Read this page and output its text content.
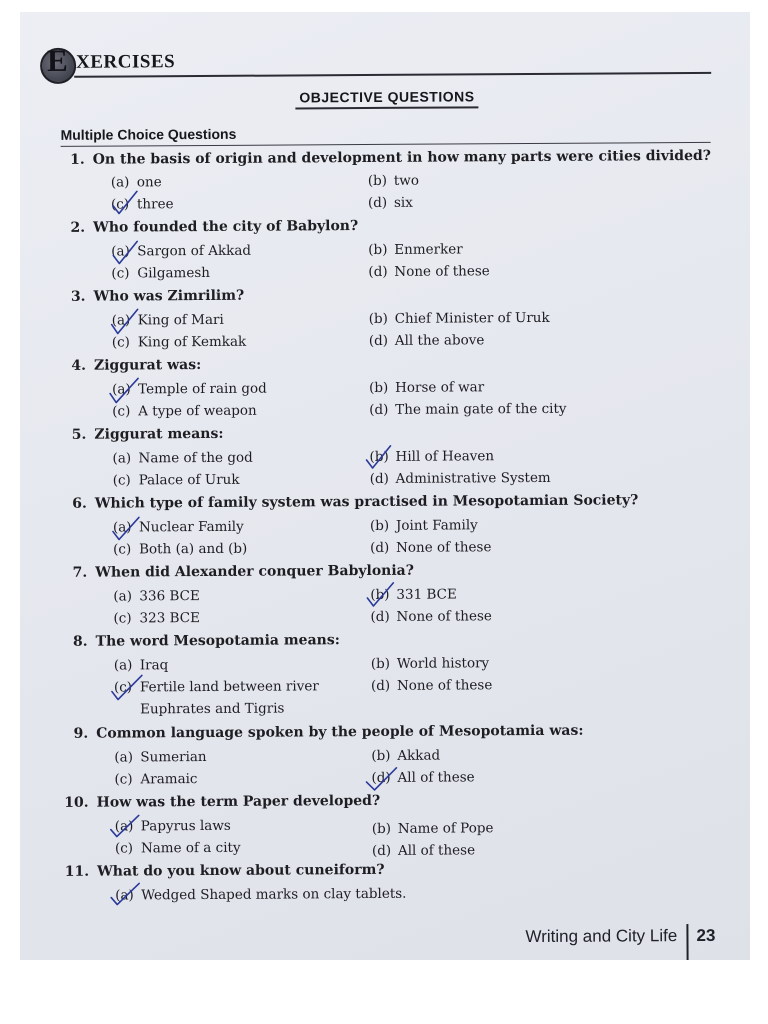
E XERCISES
OBJECTIVE QUESTIONS
Multiple Choice Questions
1. On the basis of origin and development in how many parts were cities divided?
(a) one	(b) two
(c) three	(d) six
2. Who founded the city of Babylon?
(a) Sargon of Akkad	(b) Enmerker
(c) Gilgamesh	(d) None of these
3. Who was Zimrilim?
(a) King of Mari	(b) Chief Minister of Uruk
(c) King of Kemkak	(d) All the above
4. Ziggurat was:
(a) Temple of rain god	(b) Horse of war
(c) A type of weapon	(d) The main gate of the city
5. Ziggurat means:
(a) Name of the god	(b) Hill of Heaven
(c) Palace of Uruk	(d) Administrative System
6. Which type of family system was practised in Mesopotamian Society?
(a) Nuclear Family	(b) Joint Family
(c) Both (a) and (b)	(d) None of these
7. When did Alexander conquer Babylonia?
(a) 336 BCE	(b) 331 BCE
(c) 323 BCE	(d) None of these
8. The word Mesopotamia means:
(a) Iraq	(b) World history
(c) Fertile land between river	(d) None of these
Euphrates and Tigris
9. Common language spoken by the people of Mesopotamia was:
(a) Sumerian	(b) Akkad
(c) Aramaic	(d) All of these
10. How was the term Paper developed?
(a) Papyrus laws	(b) Name of Pope
(c) Name of a city	(d) All of these
11. What do you know about cuneiform?
(a) Wedged Shaped marks on clay tablets.
Writing and City Life 23
